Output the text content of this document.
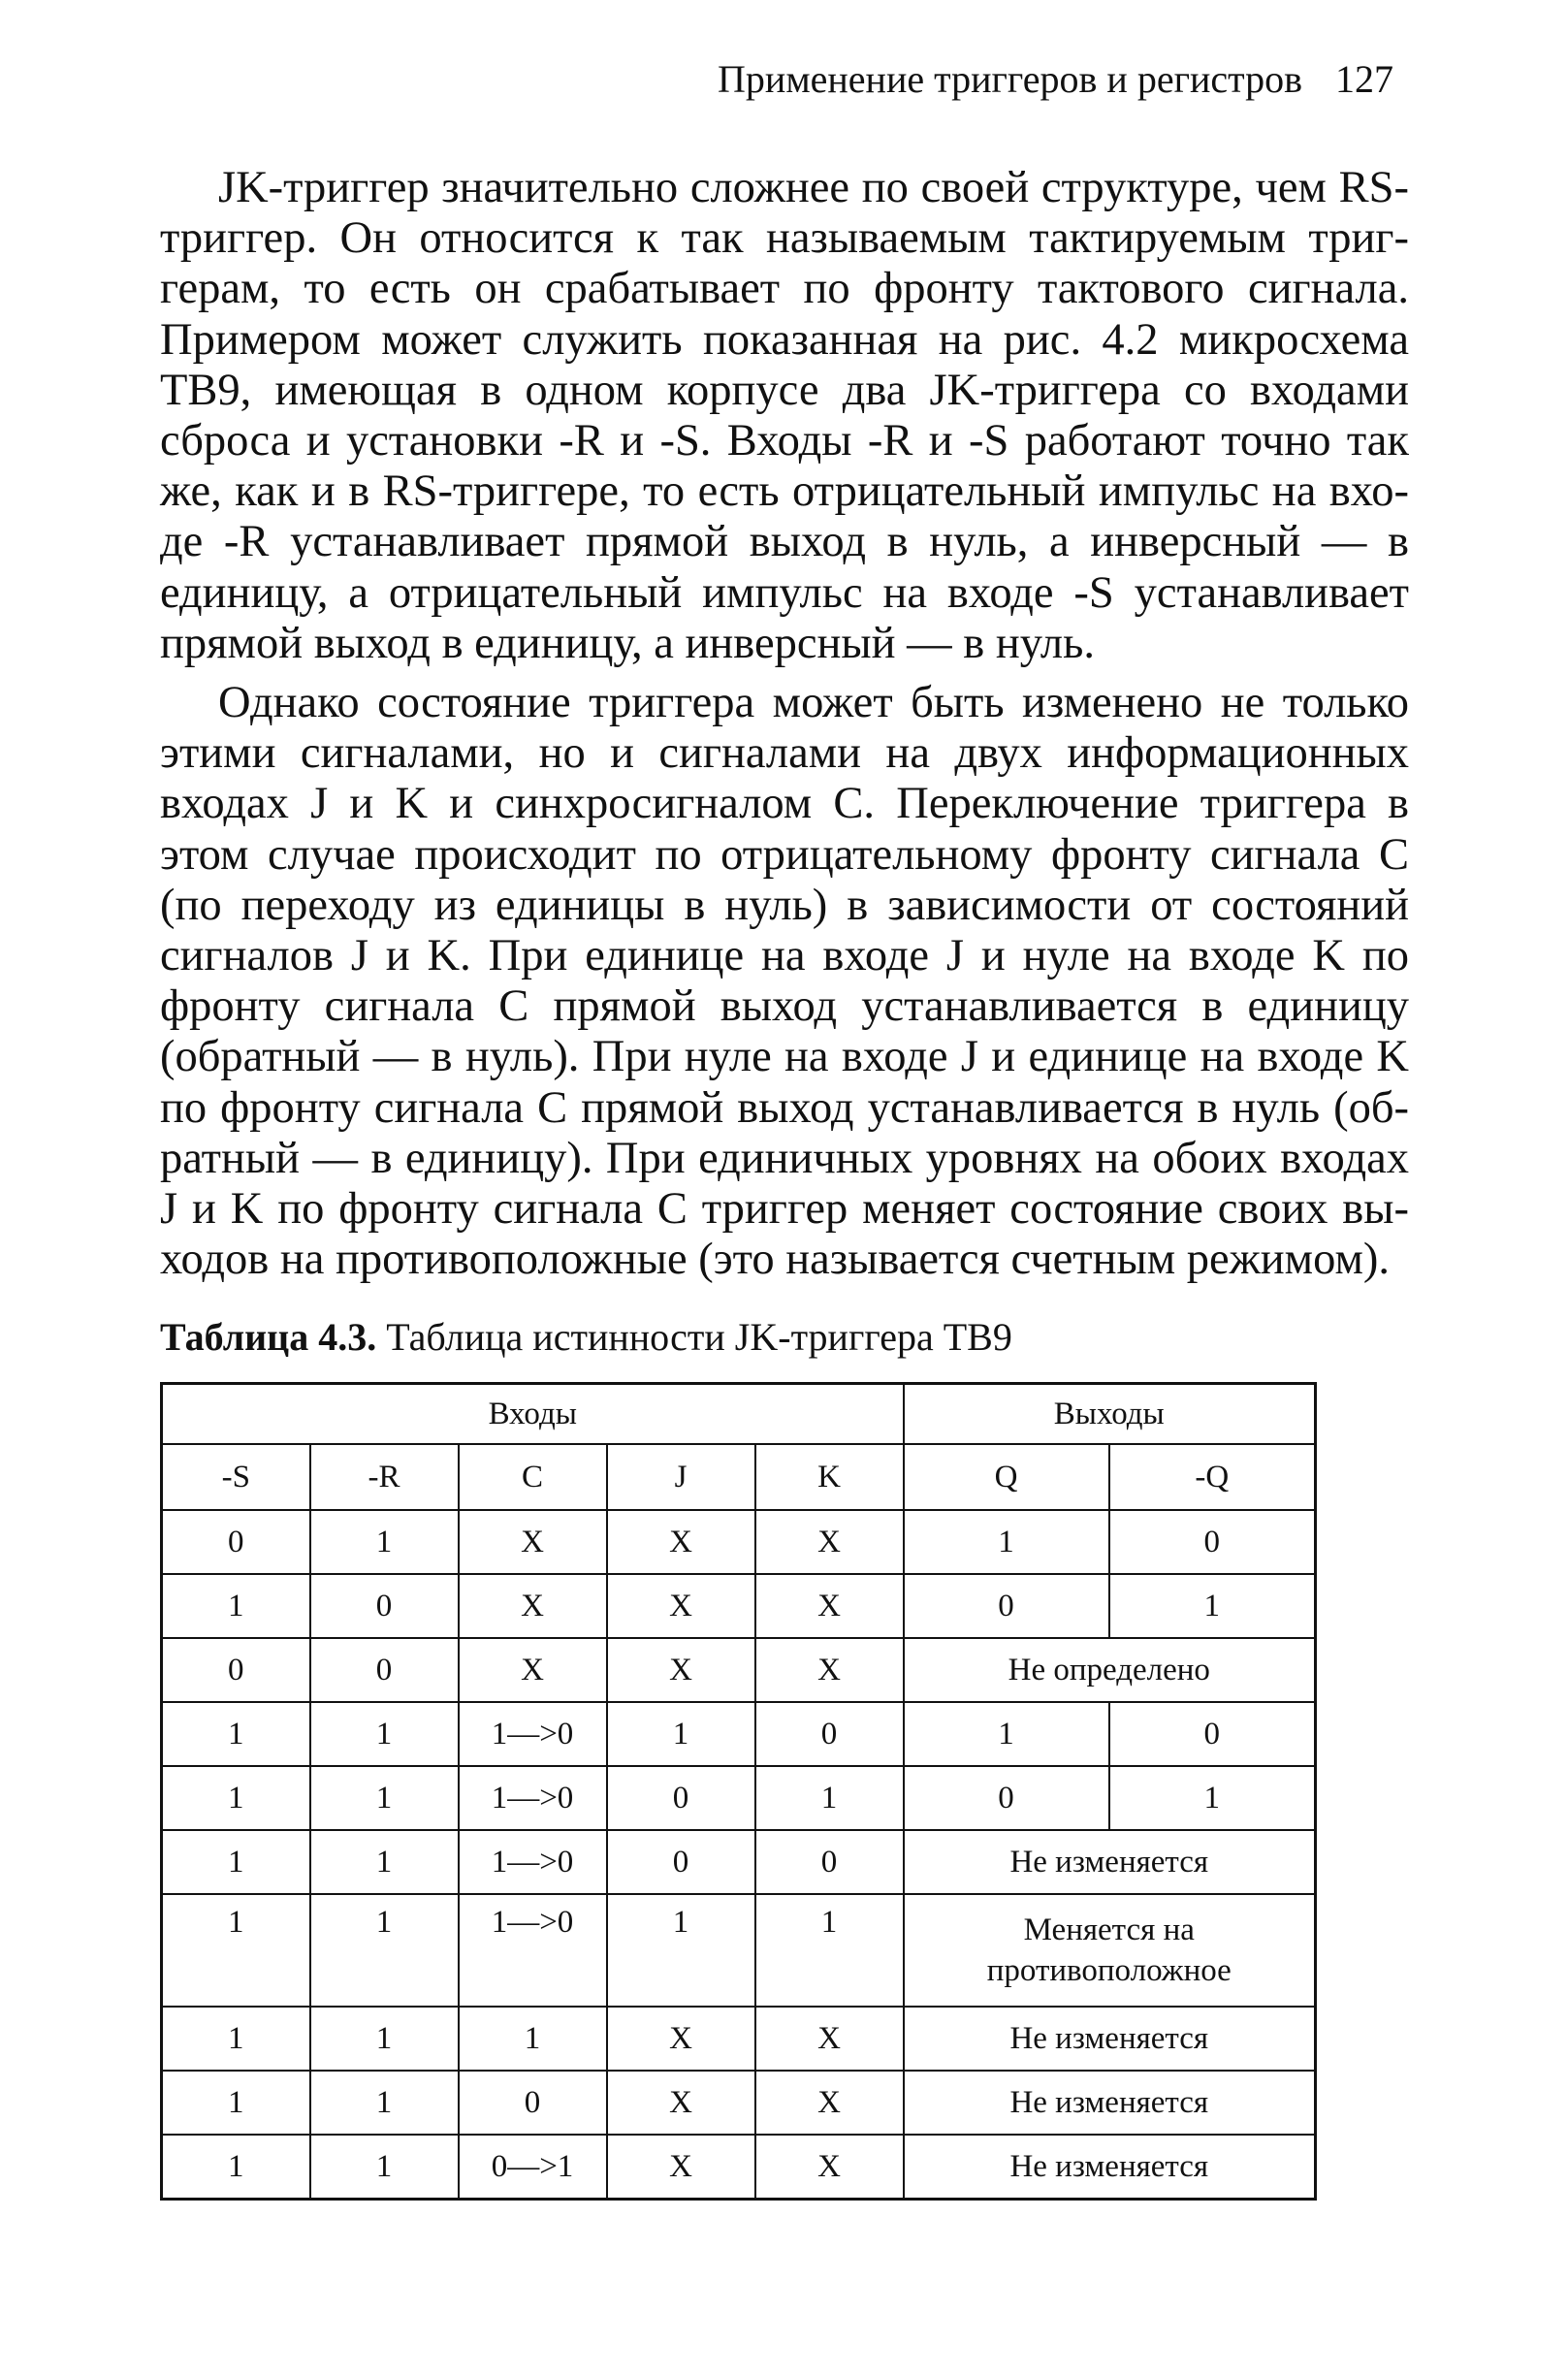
Применение триггеров и регистров 127

JK-триггер значительно сложнее по своей структуре, чем RS-триггер. Он относится к так называемым тактируемым триггерам, то есть он срабатывает по фронту тактового сигнала. Примером может служить показанная на рис. 4.2 микросхема ТВ9, имеющая в одном корпусе два JK-триггера со входами сброса и установки -R и -S. Входы -R и -S работают точно так же, как и в RS-триггере, то есть отрицательный импульс на входе -R устанавливает прямой выход в нуль, а инверсный — в единицу, а отрицательный импульс на входе -S устанавливает прямой выход в единицу, а инверсный — в нуль.

Однако состояние триггера может быть изменено не только этими сигналами, но и сигналами на двух информационных входах J и K и синхросигналом C. Переключение триггера в этом случае происходит по отрицательному фронту сигнала C (по переходу из единицы в нуль) в зависимости от состояний сигналов J и K. При единице на входе J и нуле на входе K по фронту сигнала C прямой выход устанавливается в единицу (обратный — в нуль). При нуле на входе J и единице на входе K по фронту сигнала C прямой выход устанавливается в нуль (обратный — в единицу). При единичных уровнях на обоих входах J и K по фронту сигнала C триггер меняет состояние своих выходов на противоположные (это называется счетным режимом).

Таблица 4.3. Таблица истинности JK-триггера ТВ9
Входы					Выходы	
-S	-R	C	J	K	Q	-Q
0	1	X	X	X	1	0
1	0	X	X	X	0	1
0	0	X	X	X	Не определено	
1	1	1—>0	1	0	1	0
1	1	1—>0	0	1	0	1
1	1	1—>0	0	0	Не изменяется	
1	1	1—>0	1	1	Меняется на противоположное	
1	1	1	X	X	Не изменяется	
1	1	0	X	X	Не изменяется	
1	1	0—>1	X	X	Не изменяется	
